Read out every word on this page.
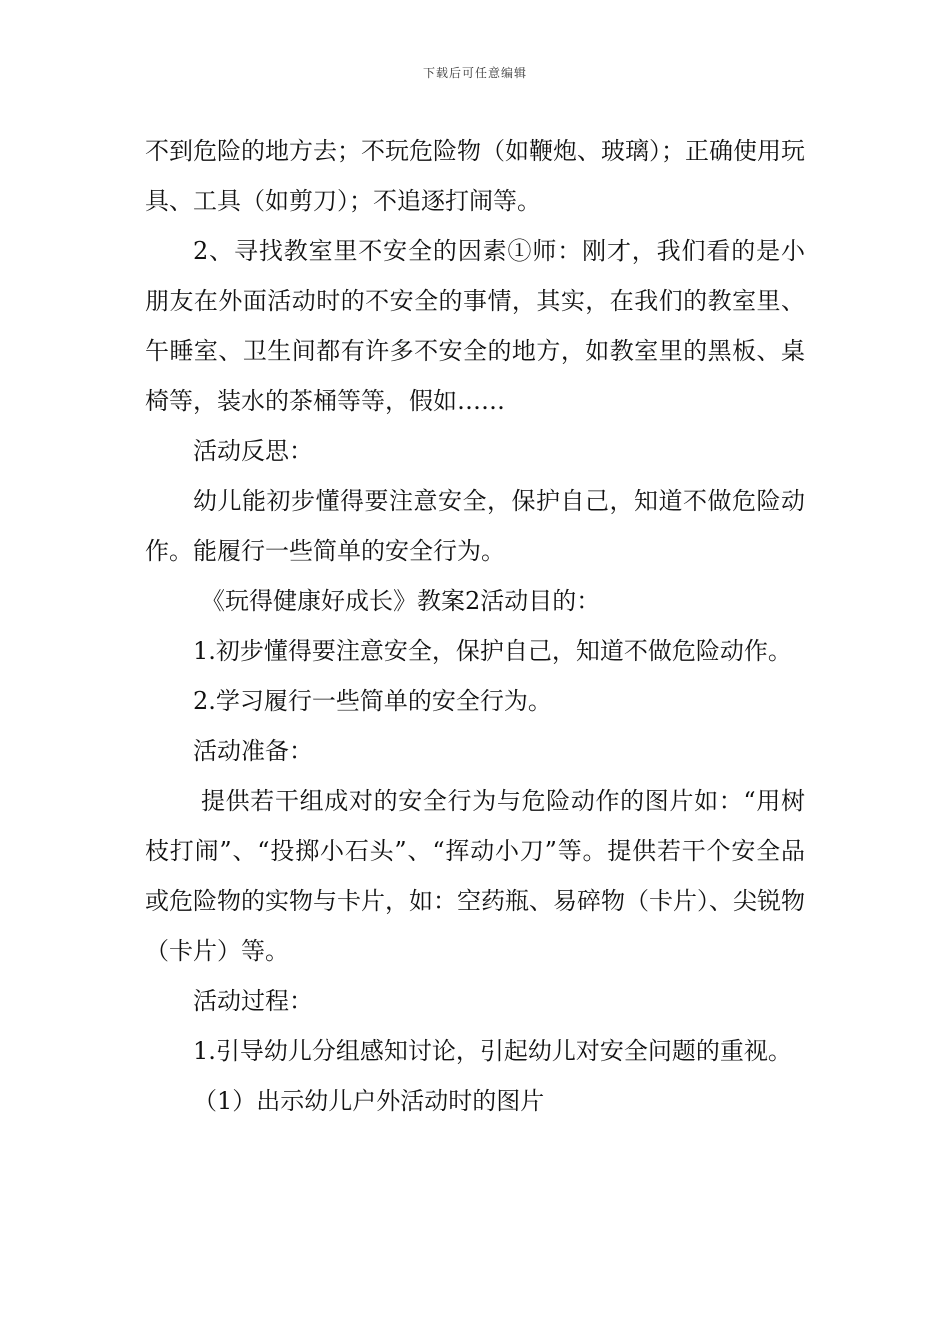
下载后可任意编辑

不到危险的地方去；不玩危险物（如鞭炮、玻璃）；正确使用玩具、工具（如剪刀）；不追逐打闹等。

2、寻找教室里不安全的因素①师：刚才，我们看的是小朋友在外面活动时的不安全的事情，其实，在我们的教室里、午睡室、卫生间都有许多不安全的地方，如教室里的黑板、桌椅等，装水的茶桶等等，假如……

活动反思：

幼儿能初步懂得要注意安全，保护自己，知道不做危险动作。能履行一些简单的安全行为。

《玩得健康好成长》教案2活动目的：

1.初步懂得要注意安全，保护自己，知道不做危险动作。

2.学习履行一些简单的安全行为。

活动准备：

提供若干组成对的安全行为与危险动作的图片如：“用树枝打闹”、“投掷小石头”、“挥动小刀”等。提供若干个安全品或危险物的实物与卡片，如：空药瓶、易碎物（卡片）、尖锐物（卡片）等。

活动过程：

1.引导幼儿分组感知讨论，引起幼儿对安全问题的重视。

（1）出示幼儿户外活动时的图片
